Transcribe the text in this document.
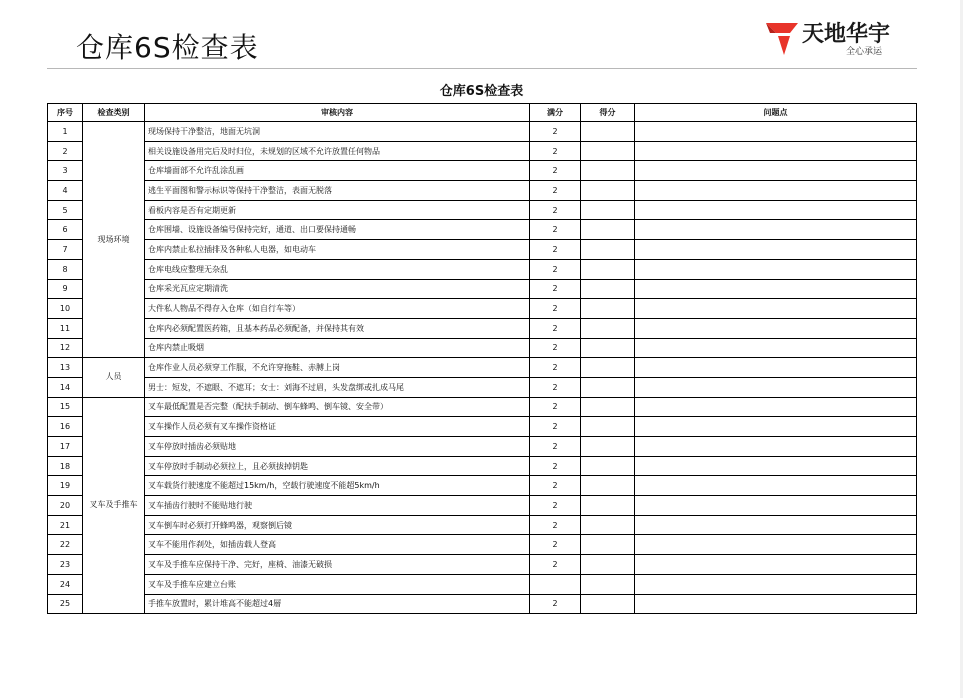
仓库6S检查表	天地华宇
全心承运
仓库6S检查表
序号	检查类别	审核内容	满分	得分	问题点
1	现场环境	现场保持干净整洁，地面无坑洞	2		
2		相关设施设备用完后及时归位，未规划的区域不允许放置任何物品	2		
3		仓库墙面部不允许乱涂乱画	2		
4		逃生平面图和警示标识等保持干净整洁，表面无脱落	2		
5		看板内容是否有定期更新	2		
6		仓库围墙、设施设备编号保持完好，通道、出口要保持通畅	2		
7		仓库内禁止私拉插排及各种私人电器，如电动车	2		
8		仓库电线应整理无杂乱	2		
9		仓库采光瓦应定期清洗	2		
10		大件私人物品不得存入仓库（如自行车等）	2		
11		仓库内必须配置医药箱，且基本药品必须配备，并保持其有效	2		
12		仓库内禁止吸烟	2		
13	人员	仓库作业人员必须穿工作服，不允许穿拖鞋、赤膊上岗	2		
14		男士：短发，不遮眼、不遮耳；女士：刘海不过眉，头发盘绑或扎成马尾	2		
15	叉车及手推车	叉车最低配置是否完整（配扶手制动、倒车蜂鸣、倒车镜、安全带）	2		
16		叉车操作人员必须有叉车操作资格证	2		
17		叉车停放时插齿必须贴地	2		
18		叉车停放时手制动必须拉上，且必须拔掉钥匙	2		
19		叉车载货行驶速度不能超过15km/h，空载行驶速度不能超5km/h	2		
20		叉车插齿行驶时不能贴地行驶	2		
21		叉车倒车时必须打开蜂鸣器，观察倒后镜	2		
22		叉车不能用作刹处，如插齿载人登高	2		
23		叉车及手推车应保持干净、完好，座椅、油漆无破损	2		
24		叉车及手推车应建立台账			
25		手推车放置时，累计堆高不能超过4層	2		
